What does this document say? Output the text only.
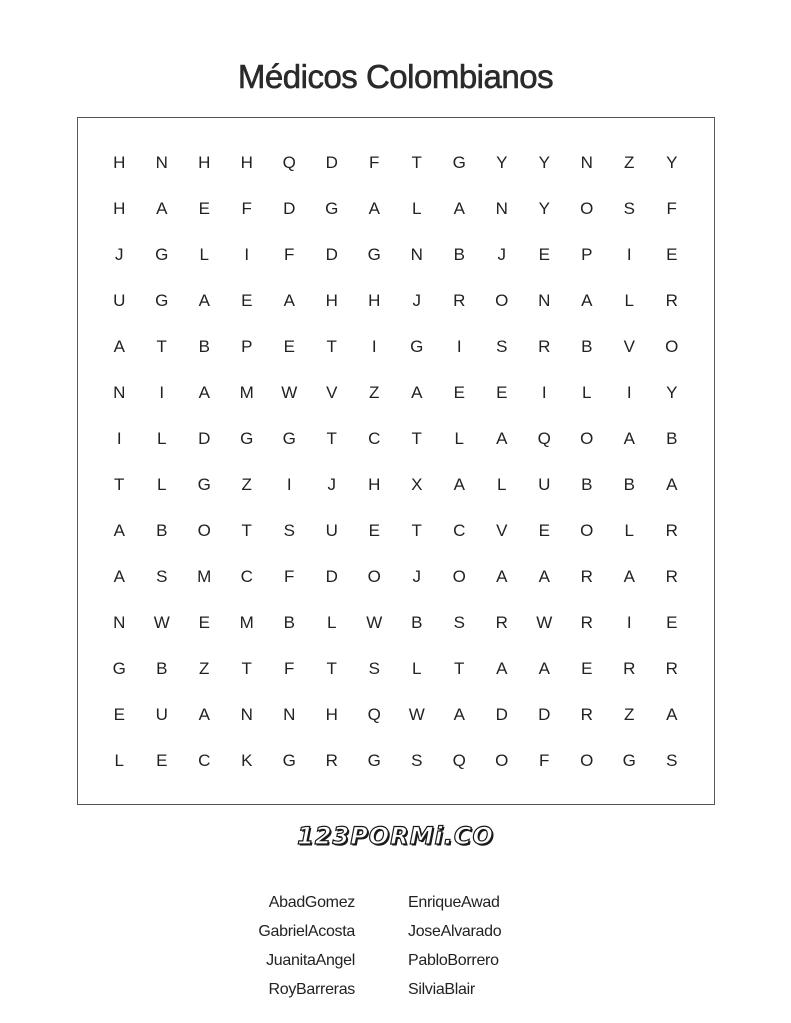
Médicos Colombianos
H	N	H	H	Q	D	F	T	G	Y	Y	N	Z	Y
H	A	E	F	D	G	A	L	A	N	Y	O	S	F
J	G	L	I	F	D	G	N	B	J	E	P	I	E
U	G	A	E	A	H	H	J	R	O	N	A	L	R
A	T	B	P	E	T	I	G	I	S	R	B	V	O
N	I	A	M	W	V	Z	A	E	E	I	L	I	Y
I	L	D	G	G	T	C	T	L	A	Q	O	A	B
T	L	G	Z	I	J	H	X	A	L	U	B	B	A
A	B	O	T	S	U	E	T	C	V	E	O	L	R
A	S	M	C	F	D	O	J	O	A	A	R	A	R
N	W	E	M	B	L	W	B	S	R	W	R	I	E
G	B	Z	T	F	T	S	L	T	A	A	E	R	R
E	U	A	N	N	H	Q	W	A	D	D	R	Z	A
L	E	C	K	G	R	G	S	Q	O	F	O	G	S
123PORMi.CO
AbadGomez
GabrielAcosta
JuanitaAngel
RoyBarreras
EnriqueAwad
JoseAlvarado
PabloBorrero
SilviaBlair
